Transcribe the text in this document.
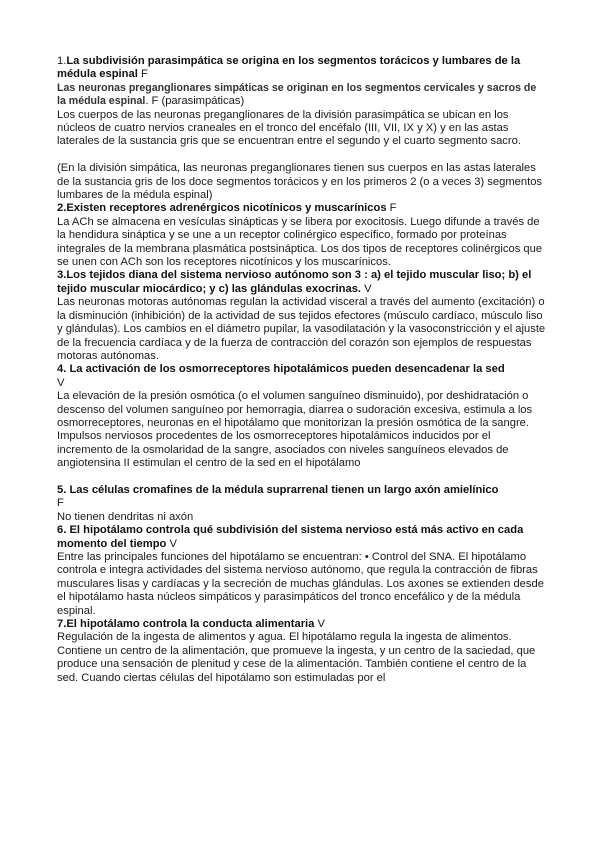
1.La subdivisión parasimpática se origina en los segmentos torácicos y lumbares de la médula espinal F

Las neuronas preganglionares simpáticas se originan en los segmentos cervicales y sacros de la médula espinal. F (parasimpáticas)

Los cuerpos de las neuronas preganglionares de la división parasimpática se ubican en los núcleos de cuatro nervios craneales en el tronco del encéfalo (III, VII, IX y X) y en las astas laterales de la sustancia gris que se encuentran entre el segundo y el cuarto segmento sacro.

(En la división simpática, las neuronas preganglionares tienen sus cuerpos en las astas laterales de la sustancia gris de los doce segmentos torácicos y en los primeros 2 (o a veces 3) segmentos lumbares de la médula espinal)

2.Existen receptores adrenérgicos nicotínicos y muscarínicos F

La ACh se almacena en vesículas sinápticas y se libera por exocitosis. Luego difunde a través de la hendidura sináptica y se une a un receptor colinérgico específico, formado por proteínas integrales de la membrana plasmática postsináptica. Los dos tipos de receptores colinérgicos que se unen con ACh son los receptores nicotínicos y los muscarínicos.

3.Los tejidos diana del sistema nervioso autónomo son 3 : a) el tejido muscular liso; b) el tejido muscular miocárdico; y c) las glándulas exocrinas. V

Las neuronas motoras autónomas regulan la actividad visceral a través del aumento (excitación) o la disminución (inhibición) de la actividad de sus tejidos efectores (músculo cardíaco, músculo liso y glándulas). Los cambios en el diámetro pupilar, la vasodilatación y la vasoconstricción y el ajuste de la frecuencia cardíaca y de la fuerza de contracción del corazón son ejemplos de respuestas motoras autónomas.

4. La activación de los osmorreceptores hipotalámicos pueden desencadenar la sed
V

La elevación de la presión osmótica (o el volumen sanguíneo disminuido), por deshidratación o descenso del volumen sanguíneo por hemorragia, diarrea o sudoración excesiva, estimula a los osmorreceptores, neuronas en el hipotálamo que monitorizan la presión osmótica de la sangre.

Impulsos nerviosos procedentes de los osmorreceptores hipotalámicos inducidos por el incremento de la osmolaridad de la sangre, asociados con niveles sanguíneos elevados de angiotensina II estimulan el centro de la sed en el hipotálamo

5. Las células cromafines de la médula suprarrenal tienen un largo axón amielínico
F

No tienen dendritas ni axón

6. El hipotálamo controla qué subdivisión del sistema nervioso está más activo en cada momento del tiempo V

Entre las principales funciones del hipotálamo se encuentran: • Control del SNA. El hipotálamo controla e integra actividades del sistema nervioso autónomo, que regula la contracción de fibras musculares lisas y cardíacas y la secreción de muchas glándulas. Los axones se extienden desde el hipotálamo hasta núcleos simpáticos y parasimpáticos del tronco encefálico y de la médula espinal.

7.El hipotálamo controla la conducta alimentaria V

Regulación de la ingesta de alimentos y agua. El hipotálamo regula la ingesta de alimentos. Contiene un centro de la alimentación, que promueve la ingesta, y un centro de la saciedad, que produce una sensación de plenitud y cese de la alimentación. También contiene el centro de la sed. Cuando ciertas células del hipotálamo son estimuladas por el
